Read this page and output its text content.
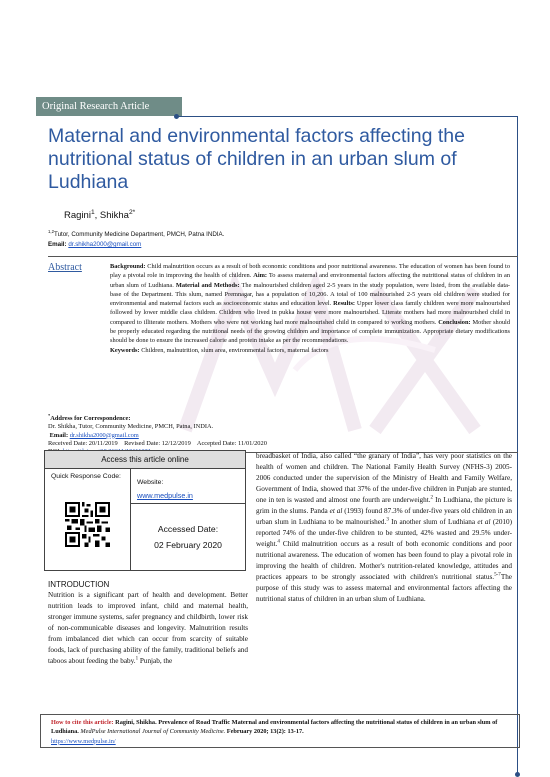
Original Research Article
Maternal and environmental factors affecting the nutritional status of children in an urban slum of Ludhiana
Ragini$^1$, Shikha$^{2*}$
$^{1,2}$Tutor, Community Medicine Department, PMCH, Patna INDIA.
Email: dr.shikha2000@gmail.com
Abstract	Background: Child malnutrition occurs as a result of both economic conditions and poor nutritional awareness. The education of women has been found to play a pivotal role in improving the health of children. Aim: To assess maternal and environmental factors affecting the nutritional status of children in an urban slum of Ludhiana. Material and Methods: The malnourished children aged 2-5 years in the study population, were listed, from the available data-base of the Department. This slum, named Premnagar, has a population of 10,206. A total of 100 malnourished 2-5 years old children were studied for environmental and maternal factors such as socioeconomic status and education level. Results: Upper lower class family children were more malnourished followed by lower middle class children. Children who lived in pukka house were more malnourished. Literate mothers had more malnourished child in compared to illiterate mothers. Mothers who were not working had more malnourished child in compared to working mothers. Conclusion: Mother should be properly educated regarding the nutritional needs of the growing children and importance of complete immunization. Appropriate dietary modifications should be done to ensure the increased calorie and protein intake as per the recommendations.
Keywords: Children, malnutrition, slum area, environmental factors, maternal factors
*Address for Correspondence:
Dr. Shikha, Tutor, Community Medicine, PMCH, Patna, INDIA.
Email: dr.shikha2000@gmail.com
Received Date: 20/11/2019    Revised Date: 12/12/2019    Accepted Date: 11/01/2020

Access this article online
Quick Response Code:
Website:
www.medpulse.in
Accessed Date:
02 February 2020
INTRODUCTION
Nutrition is a significant part of health and development. Better nutrition leads to improved infant, child and maternal health, stronger immune systems, safer pregnancy and childbirth, lower risk of non-communicable diseases and longevity. Malnutrition results from imbalanced diet which can occur from scarcity of suitable foods, lack of purchasing ability of the family, traditional beliefs and taboos about feeding the baby.$^1$ Punjab, the
breadbasket of India, also called “the granary of India”, has very poor statistics on the health of women and children. The National Family Health Survey (NFHS-3) 2005-2006 conducted under the supervision of the Ministry of Health and Family Welfare, Government of India, showed that 37% of the under-five children in Punjab are stunted, one in ten is wasted and almost one fourth are underweight.$^2$ In Ludhiana, the picture is grim in the slums. Panda et al (1993) found 87.3% of under-five years old children in an urban slum in Ludhiana to be malnourished.$^3$ In another slum of Ludhiana et al (2010) reported 74% of the under-five children to be stunted, 42% wasted and 29.5% under-weight.$^4$ Child malnutrition occurs as a result of both economic conditions and poor nutritional awareness. The education of women has been found to play a pivotal role in improving the health of children. Mother's nutrition-related knowledge, attitudes and practices appears to be strongly associated with children's nutritional status.$^{5-7}$The purpose of this study was to assess maternal and environmental factors affecting the nutritional status of children in an urban slum of Ludhiana.
How to cite this article: Ragini, Shikha. Prevalence of Road Traffic Maternal and environmental factors affecting the nutritional status of children in an urban slum of Ludhiana. MedPulse International Journal of Community Medicine. February 2020; 13(2): 13-17.
https://www.medpulse.in/
